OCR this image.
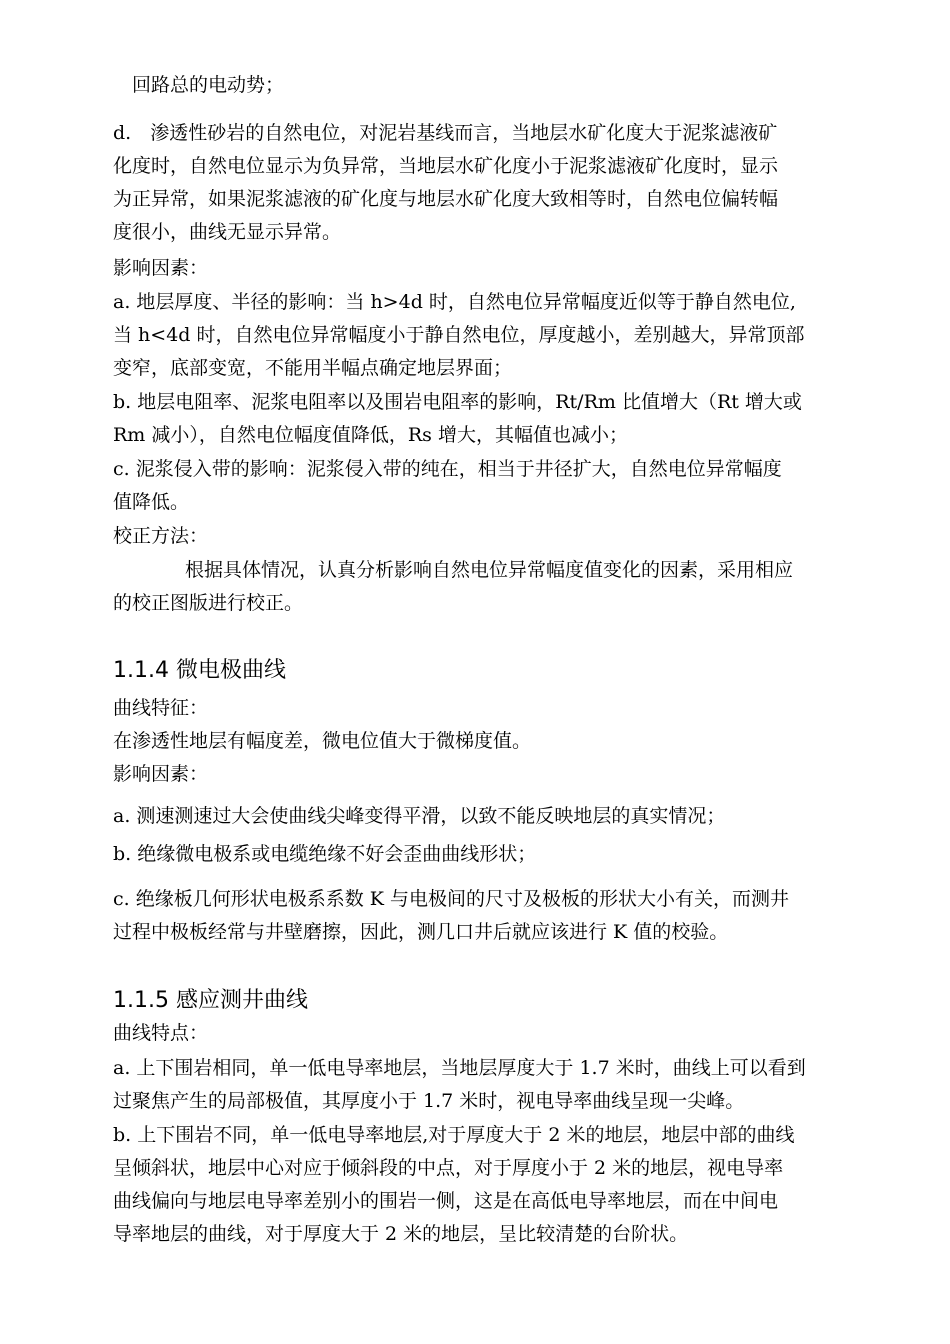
回路总的电动势；

d.　渗透性砂岩的自然电位，对泥岩基线而言，当地层水矿化度大于泥浆滤液矿

化度时，自然电位显示为负异常，当地层水矿化度小于泥浆滤液矿化度时，显示

为正异常，如果泥浆滤液的矿化度与地层水矿化度大致相等时，自然电位偏转幅

度很小，曲线无显示异常。

影响因素：

a. 地层厚度、半径的影响：当 h>4d 时，自然电位异常幅度近似等于静自然电位,

当 h<4d 时，自然电位异常幅度小于静自然电位，厚度越小，差别越大，异常顶部

变窄，底部变宽，不能用半幅点确定地层界面；

b. 地层电阻率、泥浆电阻率以及围岩电阻率的影响，Rt/Rm 比值增大（Rt 增大或

Rm 减小），自然电位幅度值降低，Rs 增大，其幅值也减小；

c. 泥浆侵入带的影响：泥浆侵入带的纯在，相当于井径扩大，自然电位异常幅度

值降低。

校正方法：

根据具体情况，认真分析影响自然电位异常幅度值变化的因素，采用相应

的校正图版进行校正。

1.1.4 微电极曲线

曲线特征：

在渗透性地层有幅度差，微电位值大于微梯度值。

影响因素：

a. 测速测速过大会使曲线尖峰变得平滑，以致不能反映地层的真实情况；

b. 绝缘微电极系或电缆绝缘不好会歪曲曲线形状；

c. 绝缘板几何形状电极系系数 K 与电极间的尺寸及极板的形状大小有关，而测井

过程中极板经常与井壁磨擦，因此，测几口井后就应该进行 K 值的校验。

1.1.5 感应测井曲线

曲线特点：

a. 上下围岩相同，单一低电导率地层，当地层厚度大于 1.7 米时，曲线上可以看到

过聚焦产生的局部极值，其厚度小于 1.7 米时，视电导率曲线呈现一尖峰。

b. 上下围岩不同，单一低电导率地层,对于厚度大于 2 米的地层，地层中部的曲线

呈倾斜状，地层中心对应于倾斜段的中点，对于厚度小于 2 米的地层，视电导率

曲线偏向与地层电导率差别小的围岩一侧，这是在高低电导率地层，而在中间电

导率地层的曲线，对于厚度大于 2 米的地层，呈比较清楚的台阶状。
